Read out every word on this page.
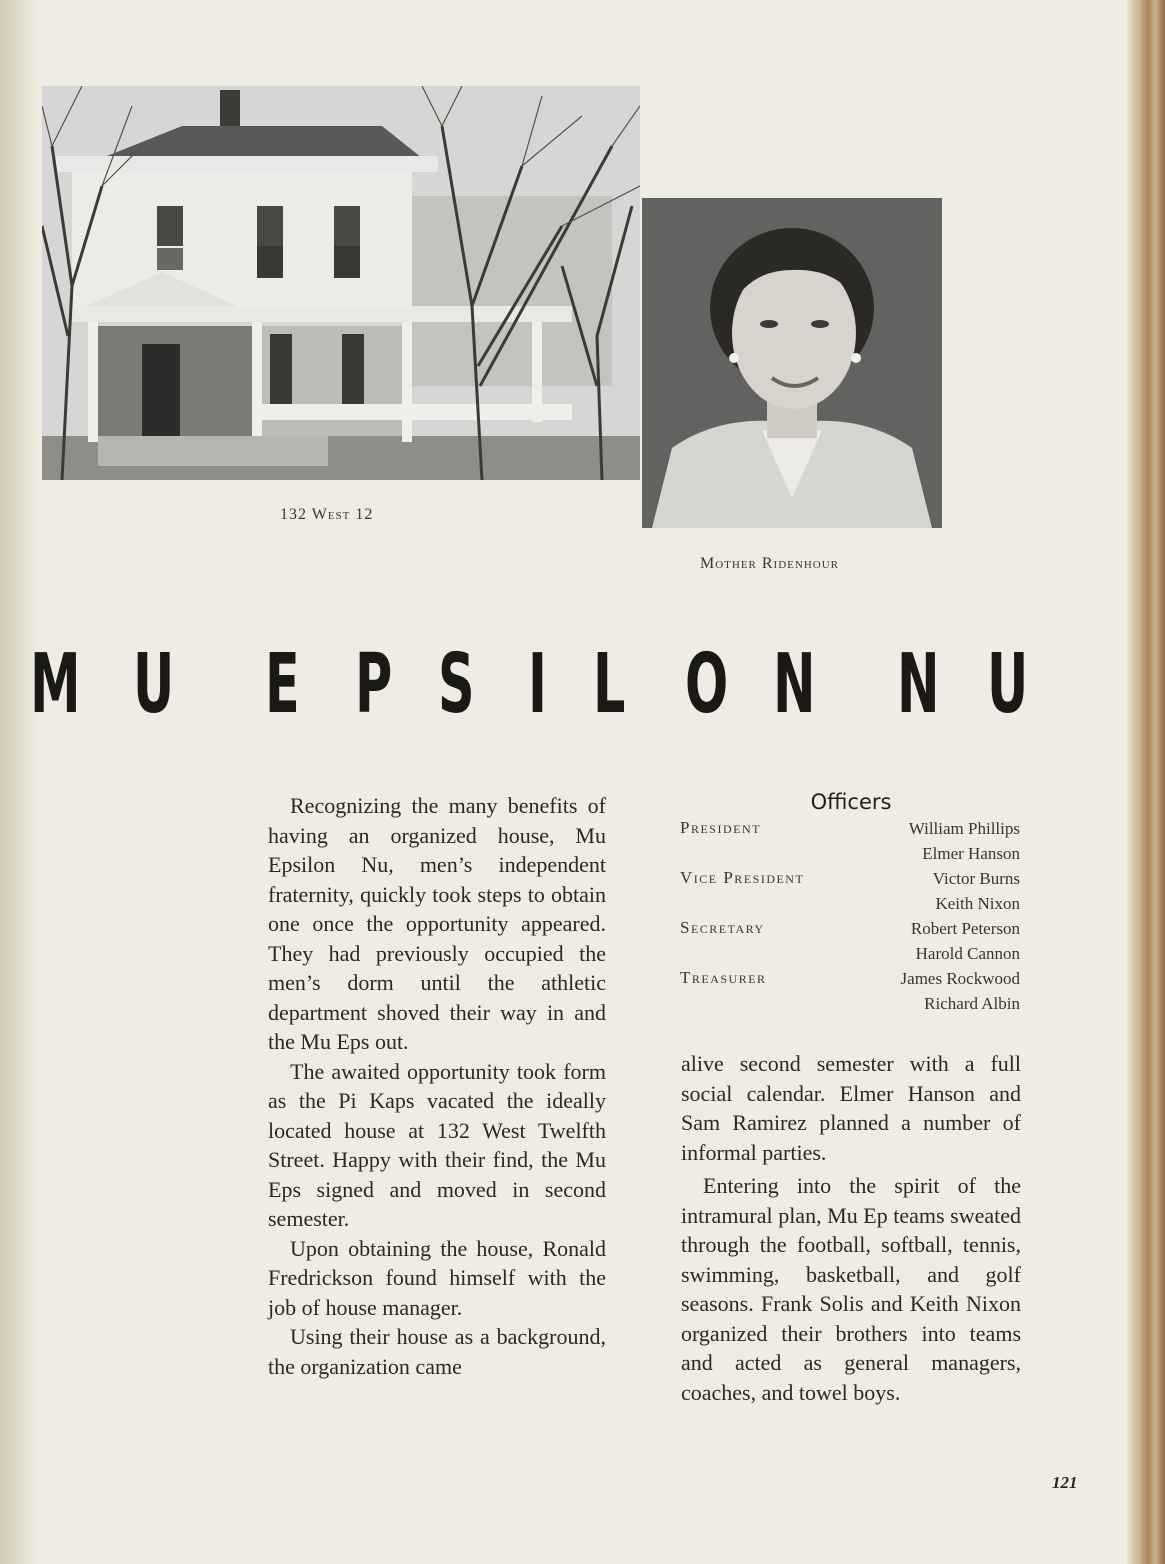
132 West 12
Mother Ridenhour
M U E P S I L O N N U

Recognizing the many benefits of having an organized house, Mu Epsilon Nu, men’s independent fraternity, quickly took steps to obtain one once the opportunity appeared. They had previously occupied the men’s dorm until the athletic department shoved their way in and the Mu Eps out.

The awaited opportunity took form as the Pi Kaps vacated the ideally located house at 132 West Twelfth Street. Happy with their find, the Mu Eps signed and moved in second semester.

Upon obtaining the house, Ronald Fredrickson found himself with the job of house manager.

Using their house as a background, the organization came

Officers
President	William Phillips
Elmer Hanson
Vice President	Victor Burns
Keith Nixon
Secretary	Robert Peterson
Harold Cannon
Treasurer	James Rockwood
Richard Albin

alive second semester with a full social calendar. Elmer Hanson and Sam Ramirez planned a number of informal parties.

Entering into the spirit of the intramural plan, Mu Ep teams sweated through the football, softball, tennis, swimming, basketball, and golf seasons. Frank Solis and Keith Nixon organized their brothers into teams and acted as general managers, coaches, and towel boys.

121
